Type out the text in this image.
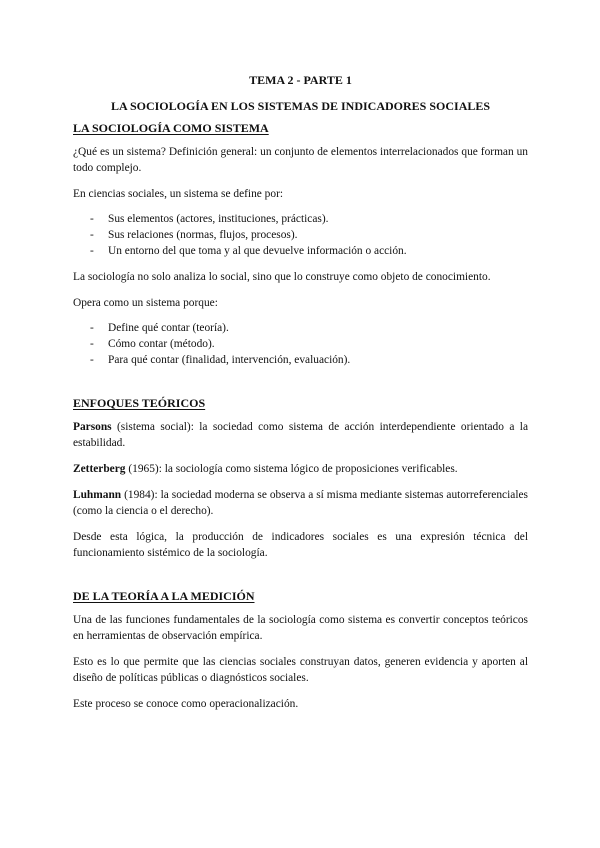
TEMA 2 - PARTE 1
LA SOCIOLOGÍA EN LOS SISTEMAS DE INDICADORES SOCIALES
LA SOCIOLOGÍA COMO SISTEMA

¿Qué es un sistema? Definición general: un conjunto de elementos interrelacionados que forman un todo complejo.

En ciencias sociales, un sistema se define por:

- Sus elementos (actores, instituciones, prácticas).
- Sus relaciones (normas, flujos, procesos).
- Un entorno del que toma y al que devuelve información o acción.

La sociología no solo analiza lo social, sino que lo construye como objeto de conocimiento.

Opera como un sistema porque:

- Define qué contar (teoría).
- Cómo contar (método).
- Para qué contar (finalidad, intervención, evaluación).
ENFOQUES TEÓRICOS

Parsons (sistema social): la sociedad como sistema de acción interdependiente orientado a la estabilidad.

Zetterberg (1965): la sociología como sistema lógico de proposiciones verificables.

Luhmann (1984): la sociedad moderna se observa a sí misma mediante sistemas autorreferenciales (como la ciencia o el derecho).

Desde esta lógica, la producción de indicadores sociales es una expresión técnica del funcionamiento sistémico de la sociología.

DE LA TEORÍA A LA MEDICIÓN

Una de las funciones fundamentales de la sociología como sistema es convertir conceptos teóricos en herramientas de observación empírica.

Esto es lo que permite que las ciencias sociales construyan datos, generen evidencia y aporten al diseño de políticas públicas o diagnósticos sociales.

Este proceso se conoce como operacionalización.
